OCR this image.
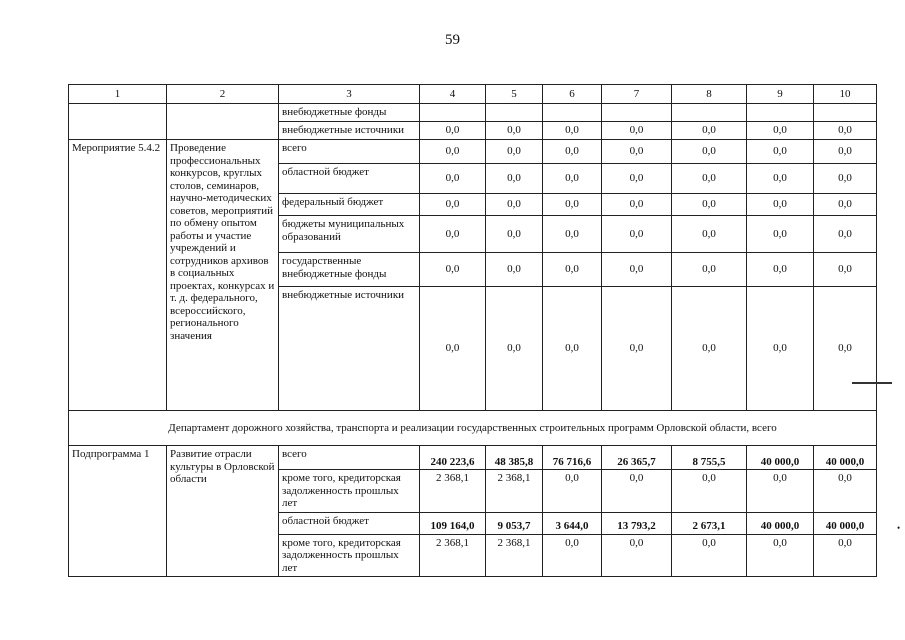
59
1	2	3	4	5	6	7	8	9	10
		внебюджетные фонды							
		внебюджетные источники	0,0	0,0	0,0	0,0	0,0	0,0	0,0
Мероприятие 5.4.2	Проведение профессиональных конкурсов, круглых столов, семинаров, научно-методических советов, мероприятий по обмену опытом работы и участие учреждений и сотрудников архивов в социальных проектах, конкурсах и т. д. федерального, всероссийского, регионального значения	всего	0,0	0,0	0,0	0,0	0,0	0,0	0,0
		областной бюджет	0,0	0,0	0,0	0,0	0,0	0,0	0,0
		федеральный бюджет	0,0	0,0	0,0	0,0	0,0	0,0	0,0
		бюджеты муниципальных образований	0,0	0,0	0,0	0,0	0,0	0,0	0,0
		государственные внебюджетные фонды	0,0	0,0	0,0	0,0	0,0	0,0	0,0
		внебюджетные источники	0,0	0,0	0,0	0,0	0,0	0,0	0,0
Департамент дорожного хозяйства, транспорта и реализации государственных строительных программ Орловской области, всего									
Подпрограмма 1	Развитие отрасли культуры в Орловской области	всего	240 223,6	48 385,8	76 716,6	26 365,7	8 755,5	40 000,0	40 000,0
		кроме того, кредиторская задолженность прошлых лет	2 368,1	2 368,1	0,0	0,0	0,0	0,0	0,0
		областной бюджет	109 164,0	9 053,7	3 644,0	13 793,2	2 673,1	40 000,0	40 000,0
		кроме того, кредиторская задолженность прошлых лет	2 368,1	2 368,1	0,0	0,0	0,0	0,0	0,0
•
